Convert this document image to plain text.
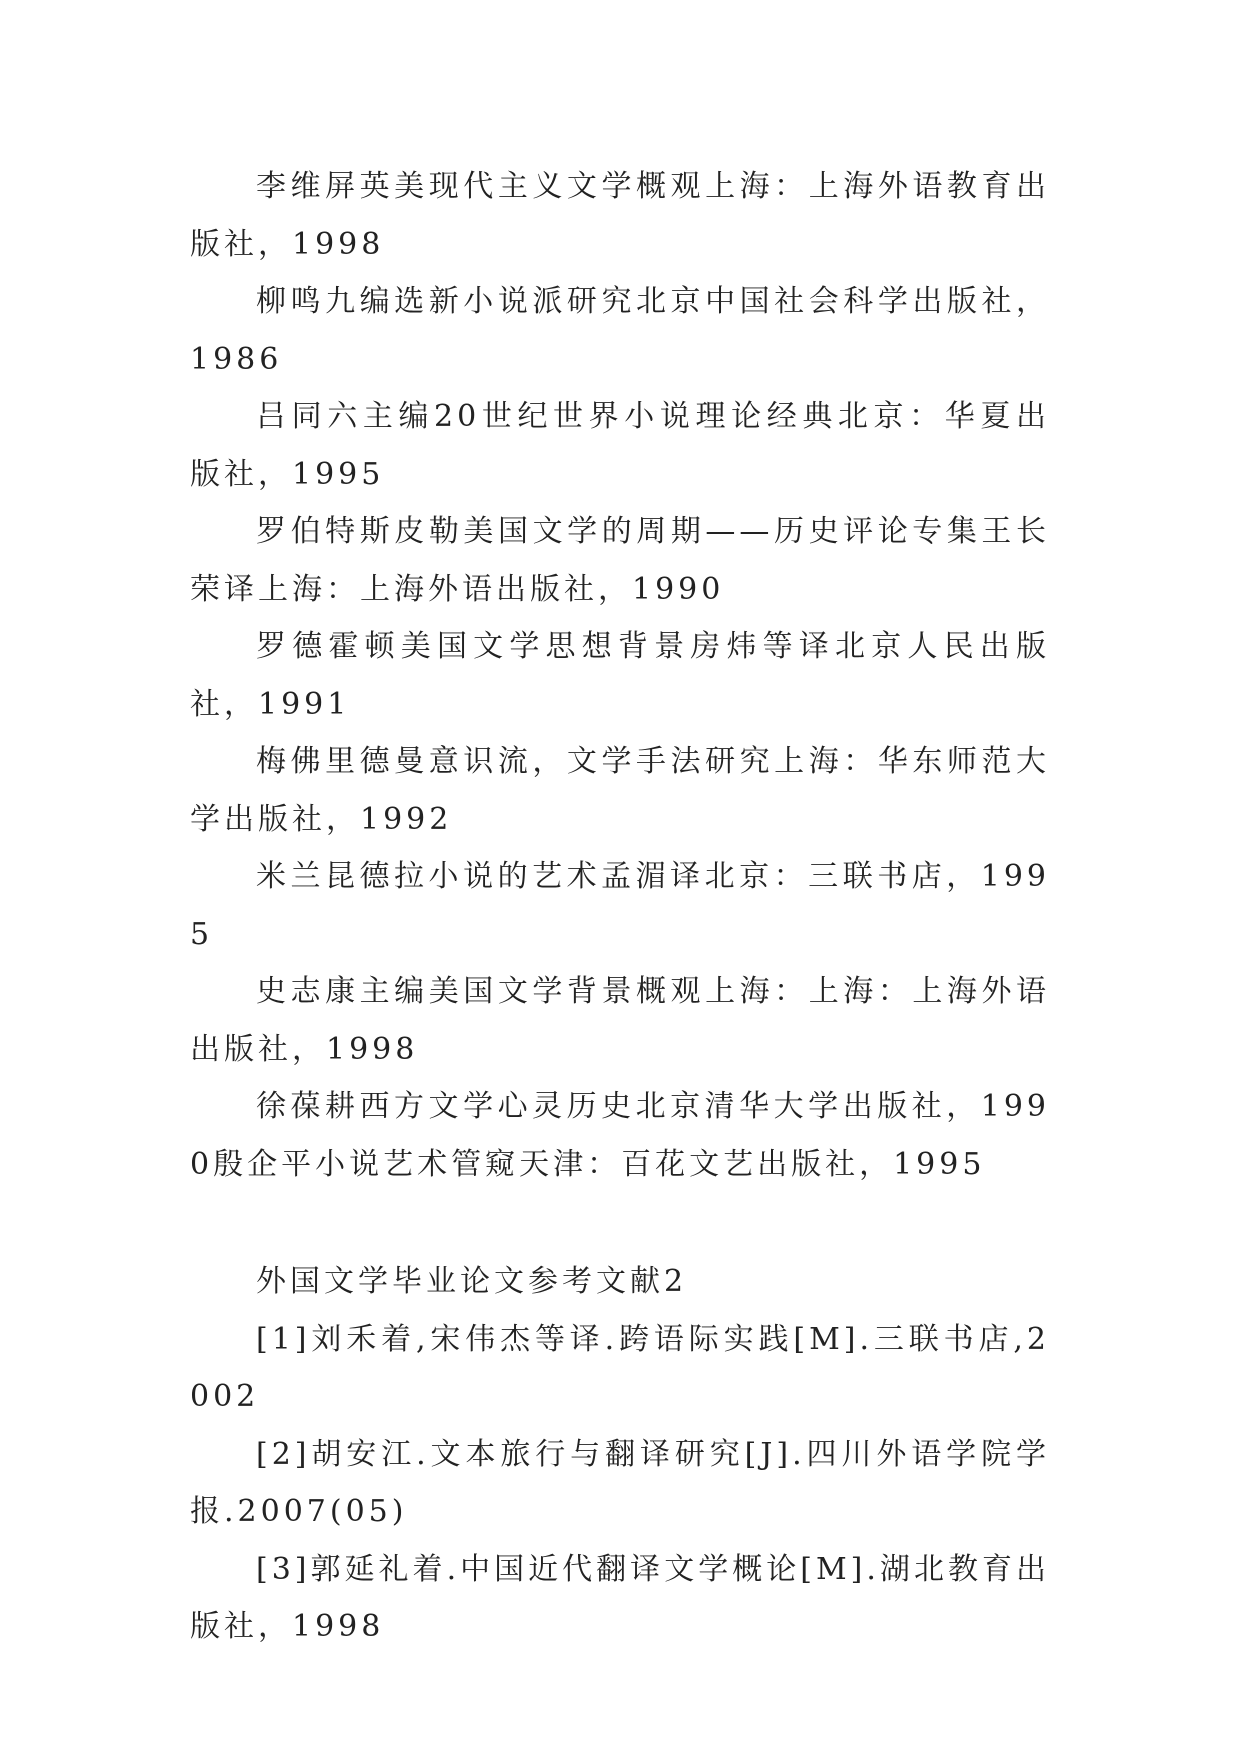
李维屏英美现代主义文学概观上海：上海外语教育出版社，1998

柳鸣九编选新小说派研究北京中国社会科学出版社，1986

吕同六主编20世纪世界小说理论经典北京：华夏出版社，1995

罗伯特斯皮勒美国文学的周期——历史评论专集王长荣译上海：上海外语出版社，1990

罗德霍顿美国文学思想背景房炜等译北京人民出版社，1991

梅佛里德曼意识流，文学手法研究上海：华东师范大学出版社，1992

米兰昆德拉小说的艺术孟湄译北京：三联书店，1995

史志康主编美国文学背景概观上海：上海：上海外语出版社，1998

徐葆耕西方文学心灵历史北京清华大学出版社，1990殷企平小说艺术管窥天津：百花文艺出版社，1995

外国文学毕业论文参考文献2

[1]刘禾着,宋伟杰等译.跨语际实践[M].三联书店,2002

[2]胡安江.文本旅行与翻译研究[J].四川外语学院学报.2007(05)

[3]郭延礼着.中国近代翻译文学概论[M].湖北教育出版社，1998
